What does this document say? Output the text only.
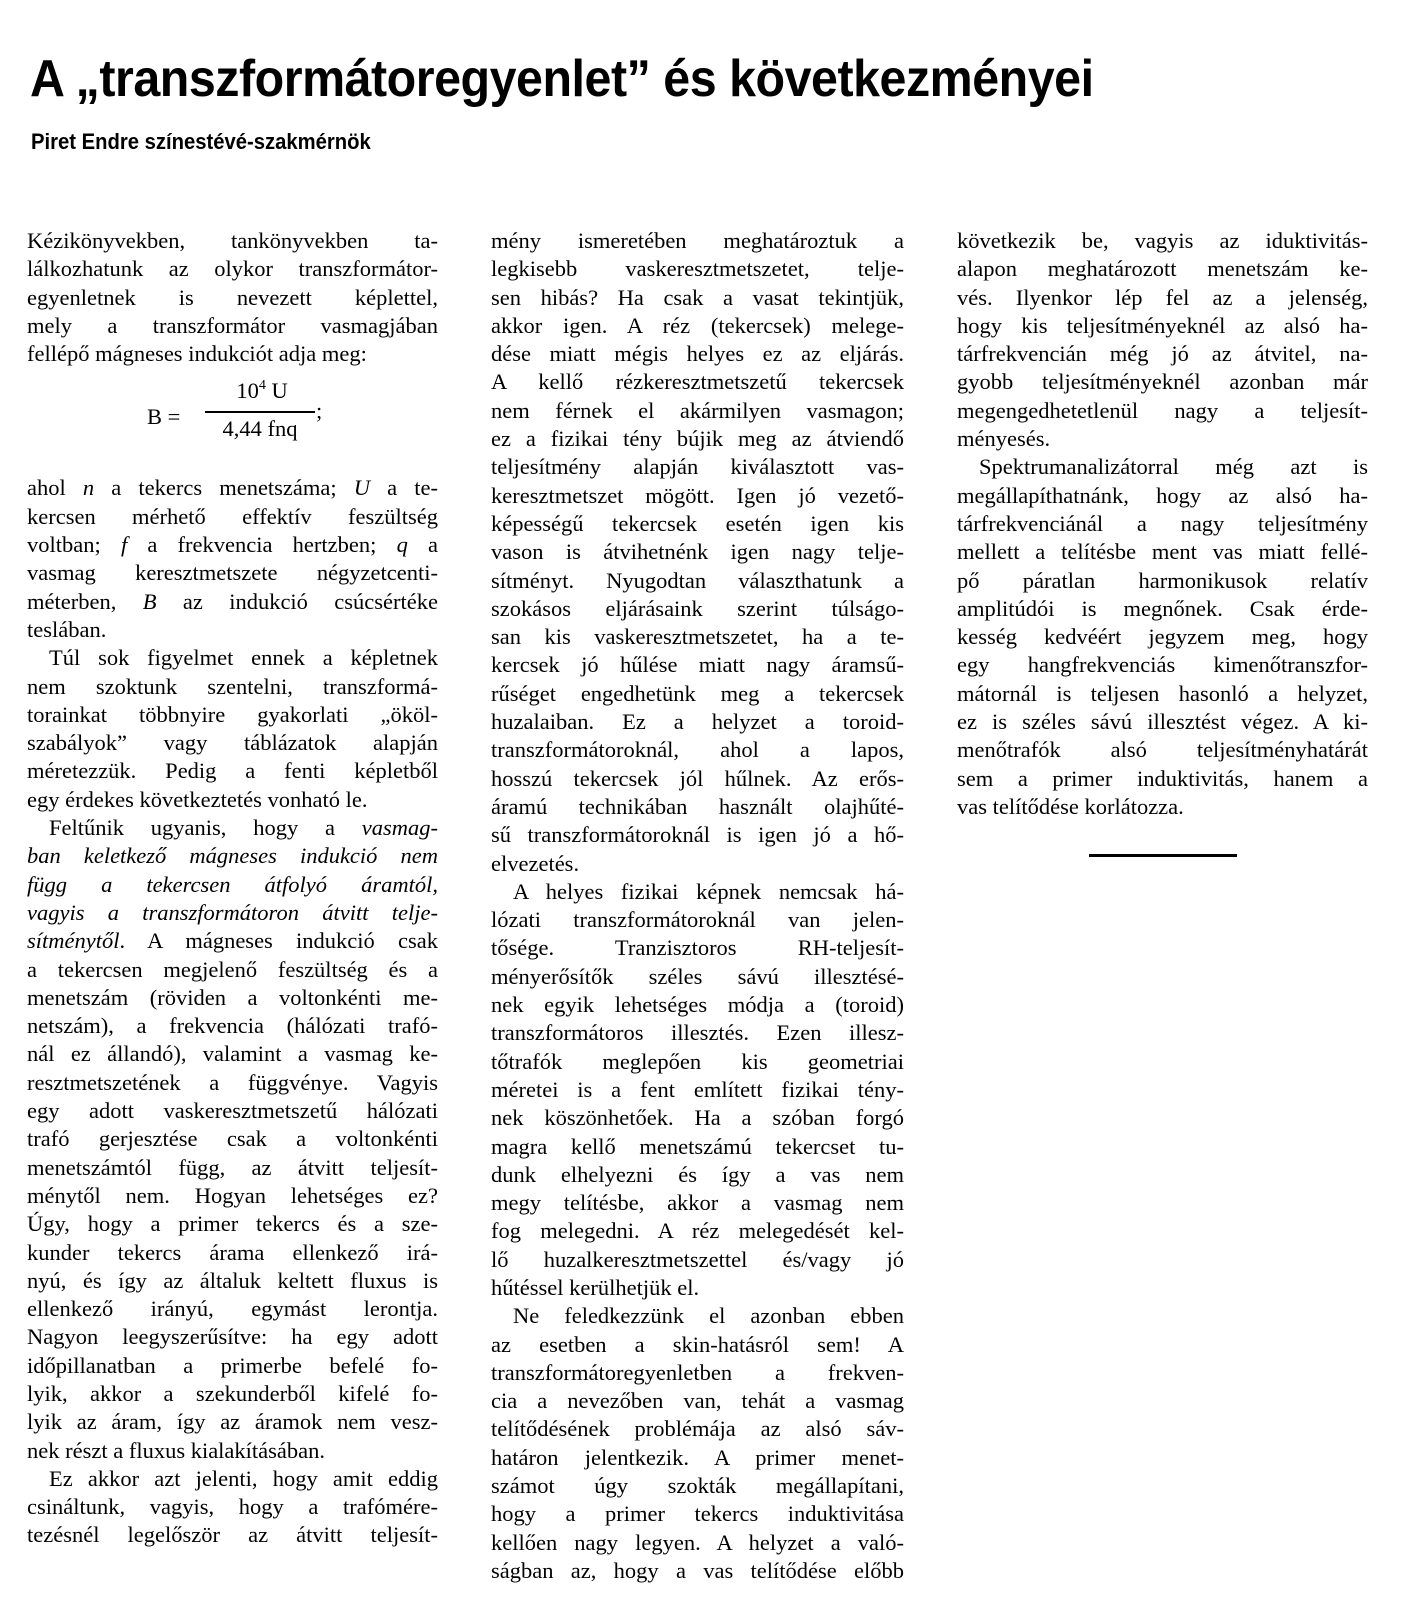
A „transzformátoregyenlet” és következményei
Piret Endre színestévé-szakmérnök
Kézikönyvekben, tankönyvekben ta-
lálkozhatunk az olykor transzformátor-
egyenletnek is nevezett képlettel,
mely a transzformátor vasmagjában
fellépő mágneses indukciót adja meg:
B =
$10^4$ U
4,44 fnq
;
ahol n a tekercs menetszáma; U a te-
kercsen mérhető effektív feszültség
voltban; f a frekvencia hertzben; q a
vasmag keresztmetszete négyzetcenti-
méterben, B az indukció csúcsértéke
teslában.
Túl sok figyelmet ennek a képletnek
nem szoktunk szentelni, transzformá-
torainkat többnyire gyakorlati „ököl-
szabályok” vagy táblázatok alapján
méretezzük. Pedig a fenti képletből
egy érdekes következtetés vonható le.
Feltűnik ugyanis, hogy a vasmag-
ban keletkező mágneses indukció nem
függ a tekercsen átfolyó áramtól,
vagyis a transzformátoron átvitt telje-
sítménytől. A mágneses indukció csak
a tekercsen megjelenő feszültség és a
menetszám (röviden a voltonkénti me-
netszám), a frekvencia (hálózati trafó-
nál ez állandó), valamint a vasmag ke-
resztmetszetének a függvénye. Vagyis
egy adott vaskeresztmetszetű hálózati
trafó gerjesztése csak a voltonkénti
menetszámtól függ, az átvitt teljesít-
ménytől nem. Hogyan lehetséges ez?
Úgy, hogy a primer tekercs és a sze-
kunder tekercs árama ellenkező irá-
nyú, és így az általuk keltett fluxus is
ellenkező irányú, egymást lerontja.
Nagyon leegyszerűsítve: ha egy adott
időpillanatban a primerbe befelé fo-
lyik, akkor a szekunderből kifelé fo-
lyik az áram, így az áramok nem vesz-
nek részt a fluxus kialakításában.
Ez akkor azt jelenti, hogy amit eddig
csináltunk, vagyis, hogy a trafómére-
tezésnél legelőször az átvitt teljesít-
mény ismeretében meghatároztuk a
legkisebb vaskeresztmetszetet, telje-
sen hibás? Ha csak a vasat tekintjük,
akkor igen. A réz (tekercsek) melege-
dése miatt mégis helyes ez az eljárás.
A kellő rézkeresztmetszetű tekercsek
nem férnek el akármilyen vasmagon;
ez a fizikai tény bújik meg az átviendő
teljesítmény alapján kiválasztott vas-
keresztmetszet mögött. Igen jó vezető-
képességű tekercsek esetén igen kis
vason is átvihetnénk igen nagy telje-
sítményt. Nyugodtan választhatunk a
szokásos eljárásaink szerint túlságo-
san kis vaskeresztmetszetet, ha a te-
kercsek jó hűlése miatt nagy áramsű-
rűséget engedhetünk meg a tekercsek
huzalaiban. Ez a helyzet a toroid-
transzformátoroknál, ahol a lapos,
hosszú tekercsek jól hűlnek. Az erős-
áramú technikában használt olajhűté-
sű transzformátoroknál is igen jó a hő-
elvezetés.
A helyes fizikai képnek nemcsak há-
lózati transzformátoroknál van jelen-
tősége. Tranzisztoros RH-teljesít-
ményerősítők széles sávú illesztésé-
nek egyik lehetséges módja a (toroid)
transzformátoros illesztés. Ezen illesz-
tőtrafók meglepően kis geometriai
méretei is a fent említett fizikai tény-
nek köszönhetőek. Ha a szóban forgó
magra kellő menetszámú tekercset tu-
dunk elhelyezni és így a vas nem
megy telítésbe, akkor a vasmag nem
fog melegedni. A réz melegedését kel-
lő huzalkeresztmetszettel és/vagy jó
hűtéssel kerülhetjük el.
Ne feledkezzünk el azonban ebben
az esetben a skin-hatásról sem! A
transzformátoregyenletben a frekven-
cia a nevezőben van, tehát a vasmag
telítődésének problémája az alsó sáv-
határon jelentkezik. A primer menet-
számot úgy szokták megállapítani,
hogy a primer tekercs induktivitása
kellően nagy legyen. A helyzet a való-
ságban az, hogy a vas telítődése előbb
következik be, vagyis az iduktivitás-
alapon meghatározott menetszám ke-
vés. Ilyenkor lép fel az a jelenség,
hogy kis teljesítményeknél az alsó ha-
tárfrekvencián még jó az átvitel, na-
gyobb teljesítményeknél azonban már
megengedhetetlenül nagy a teljesít-
ményesés.
Spektrumanalizátorral még azt is
megállapíthatnánk, hogy az alsó ha-
tárfrekvenciánál a nagy teljesítmény
mellett a telítésbe ment vas miatt fellé-
pő páratlan harmonikusok relatív
amplitúdói is megnőnek. Csak érde-
kesség kedvéért jegyzem meg, hogy
egy hangfrekvenciás kimenőtranszfor-
mátornál is teljesen hasonló a helyzet,
ez is széles sávú illesztést végez. A ki-
menőtrafók alsó teljesítményhatárát
sem a primer induktivitás, hanem a
vas telítődése korlátozza.
